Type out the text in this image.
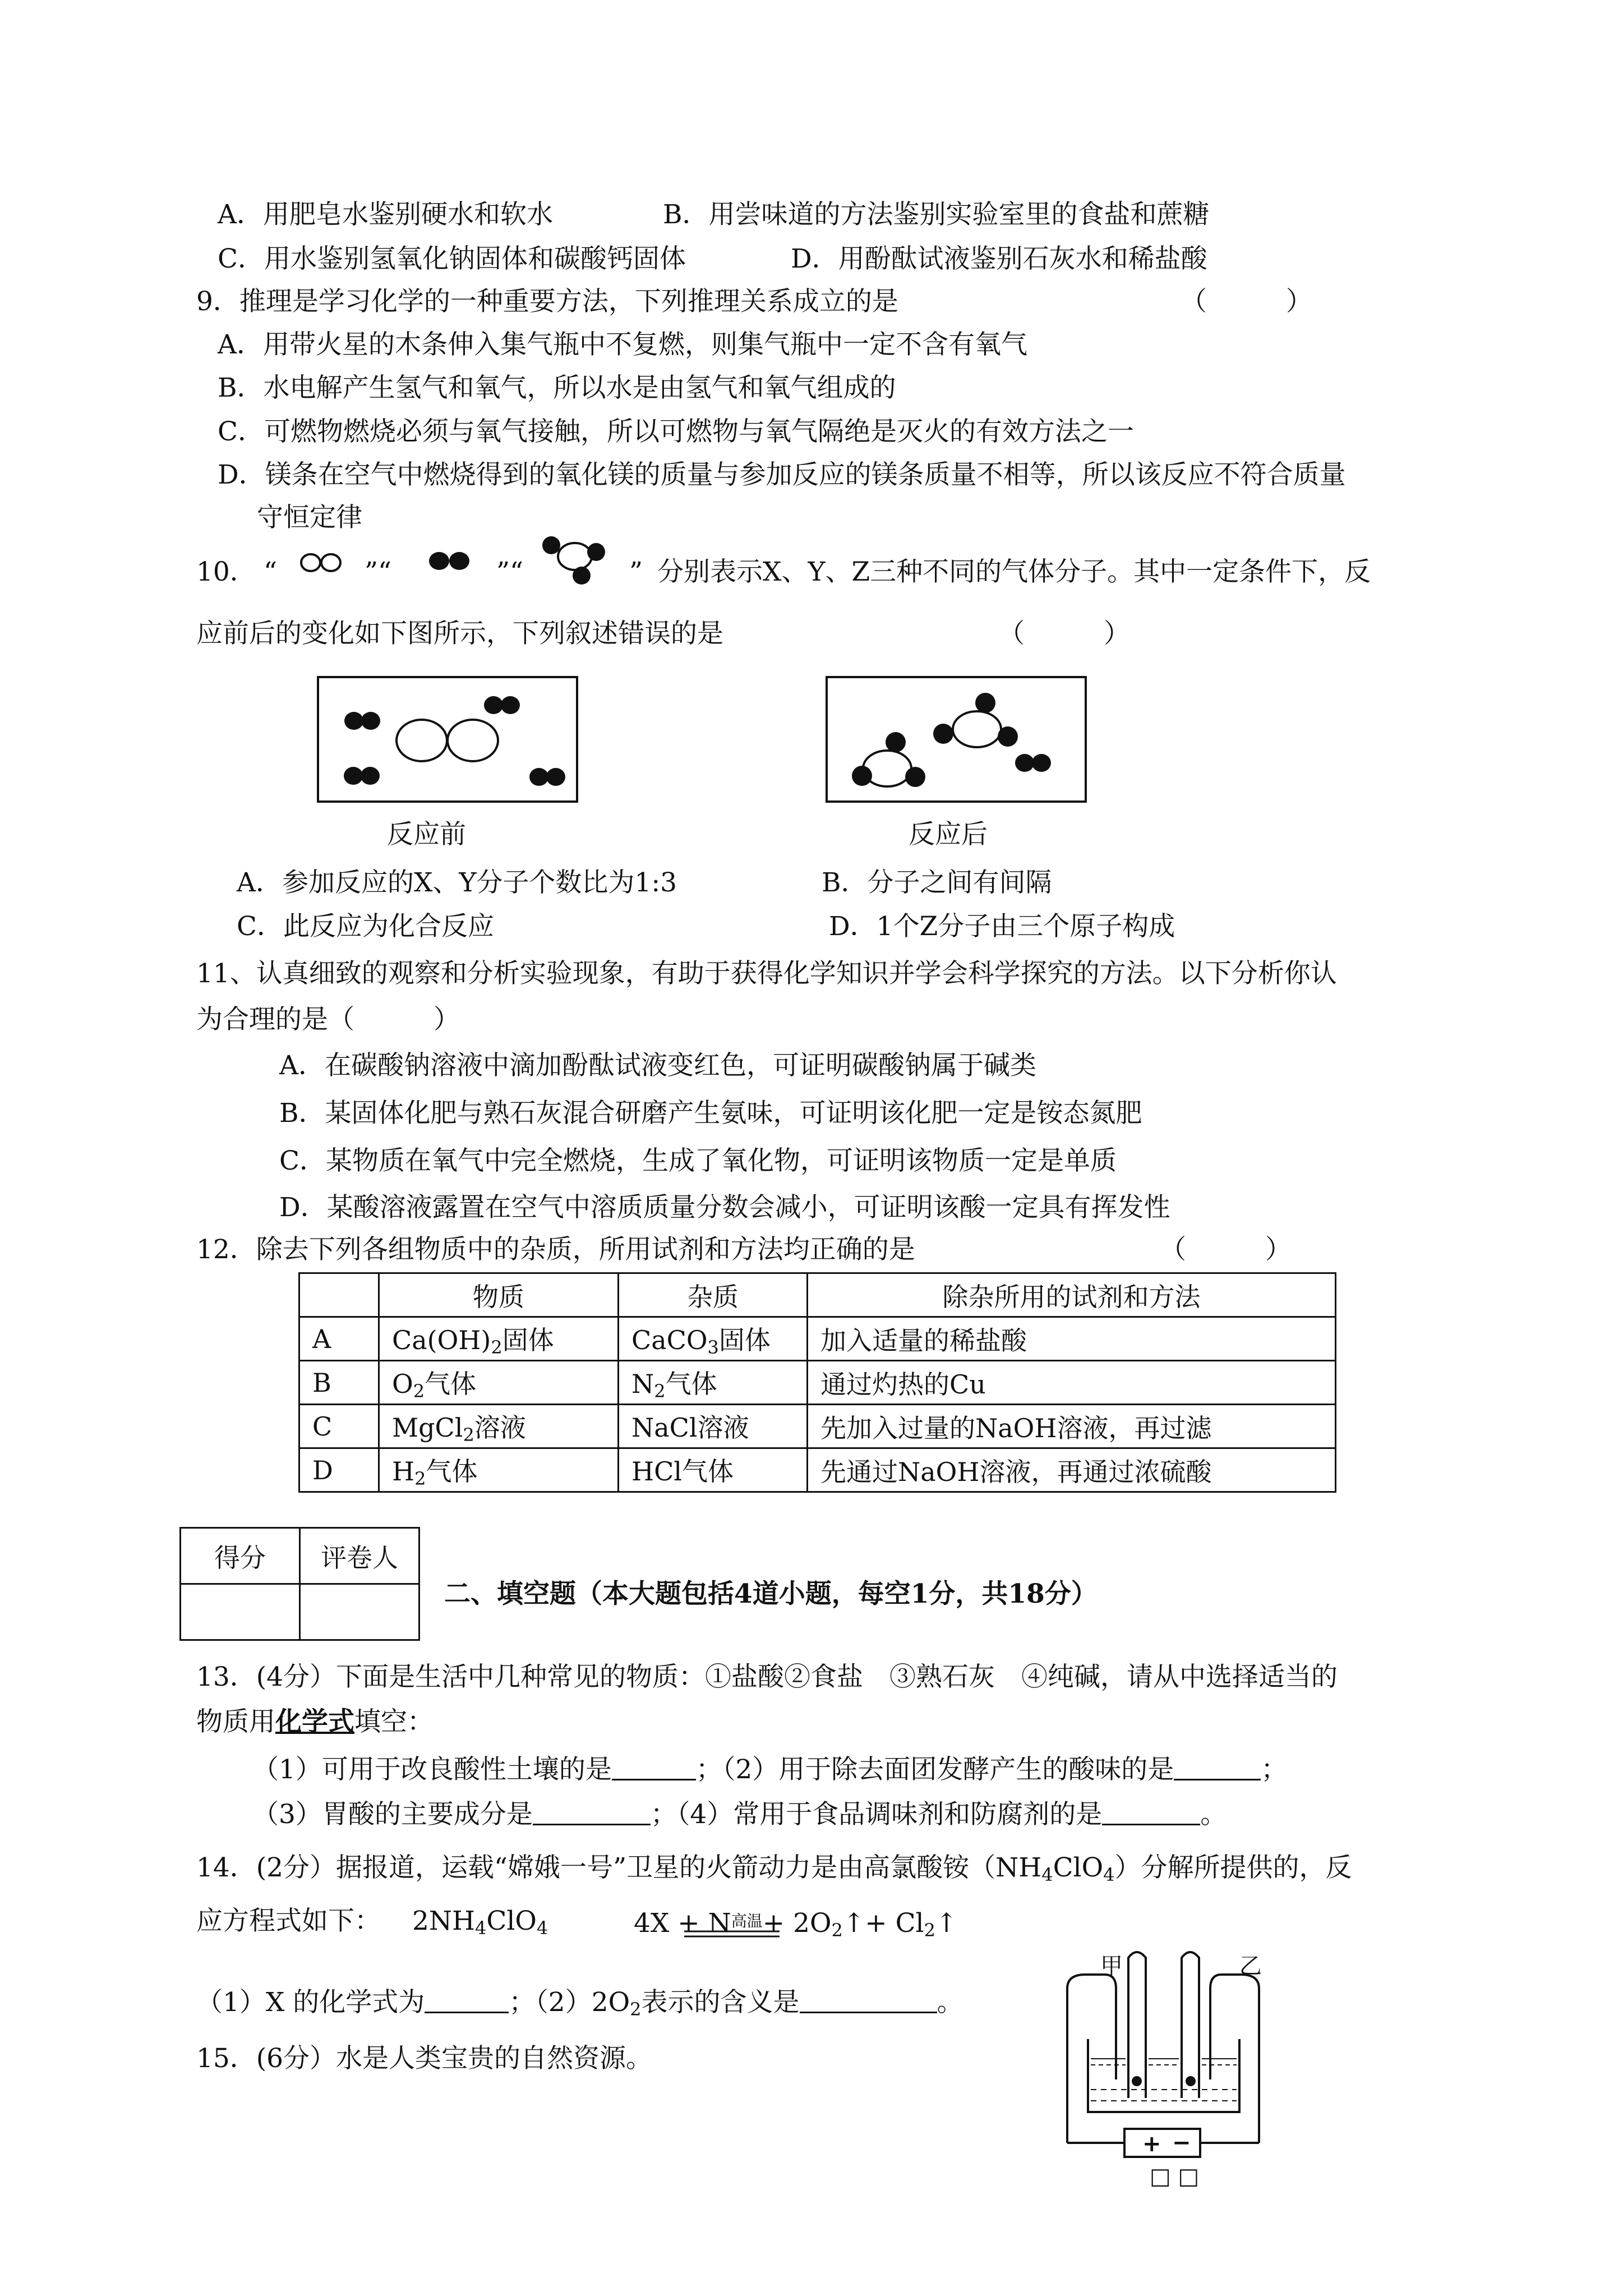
A．用肥皂水鉴别硬水和软水	B．用尝味道的方法鉴别实验室里的食盐和蔗糖
C．用水鉴别氢氧化钠固体和碳酸钙固体	D．用酚酞试液鉴别石灰水和稀盐酸
9．推理是学习化学的一种重要方法，下列推理关系成立的是	（　　　）
A．用带火星的木条伸入集气瓶中不复燃，则集气瓶中一定不含有氧气
B．水电解产生氢气和氧气，所以水是由氢气和氧气组成的
C．可燃物燃烧必须与氧气接触，所以可燃物与氧气隔绝是灭火的有效方法之一
D．镁条在空气中燃烧得到的氧化镁的质量与参加反应的镁条质量不相等，所以该反应不符合质量
守恒定律
10． “	”“	”“	” 分别表示X、Y、Z三种不同的气体分子。其中一定条件下，反
应前后的变化如下图所示，下列叙述错误的是	（　　　）
反应前	反应后
A．参加反应的X、Y分子个数比为1:3	B．分子之间有间隔
C．此反应为化合反应	D．1个Z分子由三个原子构成
11、认真细致的观察和分析实验现象，有助于获得化学知识并学会科学探究的方法。以下分析你认
为合理的是（　　　）
A．在碳酸钠溶液中滴加酚酞试液变红色，可证明碳酸钠属于碱类
B．某固体化肥与熟石灰混合研磨产生氨味，可证明该化肥一定是铵态氮肥
C．某物质在氧气中完全燃烧，生成了氧化物，可证明该物质一定是单质
D．某酸溶液露置在空气中溶质质量分数会减小，可证明该酸一定具有挥发性
12．除去下列各组物质中的杂质，所用试剂和方法均正确的是	（　　　）
	物质	杂质	除杂所用的试剂和方法
A	$Ca(OH)_2$固体	CaCO$_3$固体	加入适量的稀盐酸
B	$O_2$气体	$N_2$气体	通过灼热的Cu
C	MgCl$_2$溶液	NaCl溶液	先加入过量的NaOH溶液，再过滤
D	$H_2$气体	HCl气体	先通过NaOH溶液，再通过浓硫酸
得分	评卷人

二、填空题（本大题包括4道小题，每空1分，共18分）
13．(4分）下面是生活中几种常见的物质：①盐酸②食盐　③熟石灰　④纯碱，请从中选择适当的
物质用化学式填空：
（1）可用于改良酸性土壤的是	；（2）用于除去面团发酵产生的酸味的是	；
（3）胃酸的主要成分是	；（4）常用于食品调味剂和防腐剂的是	。
14．(2分）据报道，运载“嫦娥一号”卫星的火箭动力是由高氯酸铵$(NH_4ClO_4)$分解所提供的，反
应方程式如下： $2NH_4ClO_4$	$4X + N^{高温}+$ $2O_2↑+$ $Cl_2↑$
（1）X 的化学式为	；$(2)2O_2$表示的含义是	。
15．(6分）水是人类宝贵的自然资源。
甲	乙
+ −
□ □
